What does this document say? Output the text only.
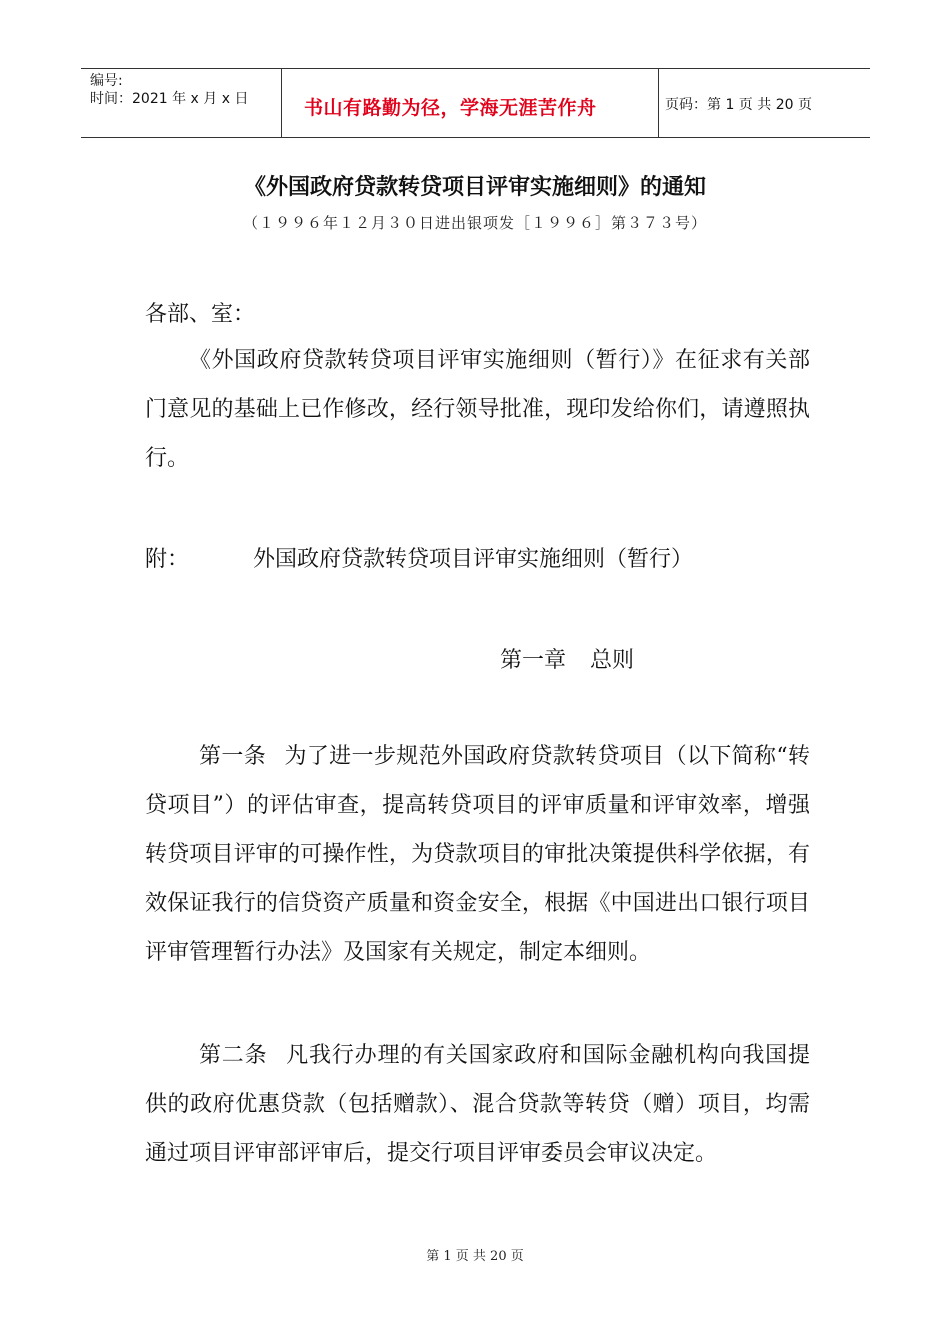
编号:
时间：2021 年 x 月 x 日	书山有路勤为径，学海无涯苦作舟	页码：第 1 页 共 20 页
《外国政府贷款转贷项目评审实施细则》的通知
（１９９６年１２月３０日进出银项发［１９９６］第３７３号）
各部、室：
《外国政府贷款转贷项目评审实施细则（暂行）》在征求有关部门意见的基础上已作修改，经行领导批准，现印发给你们，请遵照执行。
附：	外国政府贷款转贷项目评审实施细则（暂行）
第一章 总则
第一条 为了进一步规范外国政府贷款转贷项目（以下简称“转贷项目”）的评估审查，提高转贷项目的评审质量和评审效率，增强转贷项目评审的可操作性，为贷款项目的审批决策提供科学依据，有效保证我行的信贷资产质量和资金安全，根据《中国进出口银行项目评审管理暂行办法》及国家有关规定，制定本细则。
第二条 凡我行办理的有关国家政府和国际金融机构向我国提供的政府优惠贷款（包括赠款）、混合贷款等转贷（赠）项目，均需通过项目评审部评审后，提交行项目评审委员会审议决定。
第 1 页 共 20 页
